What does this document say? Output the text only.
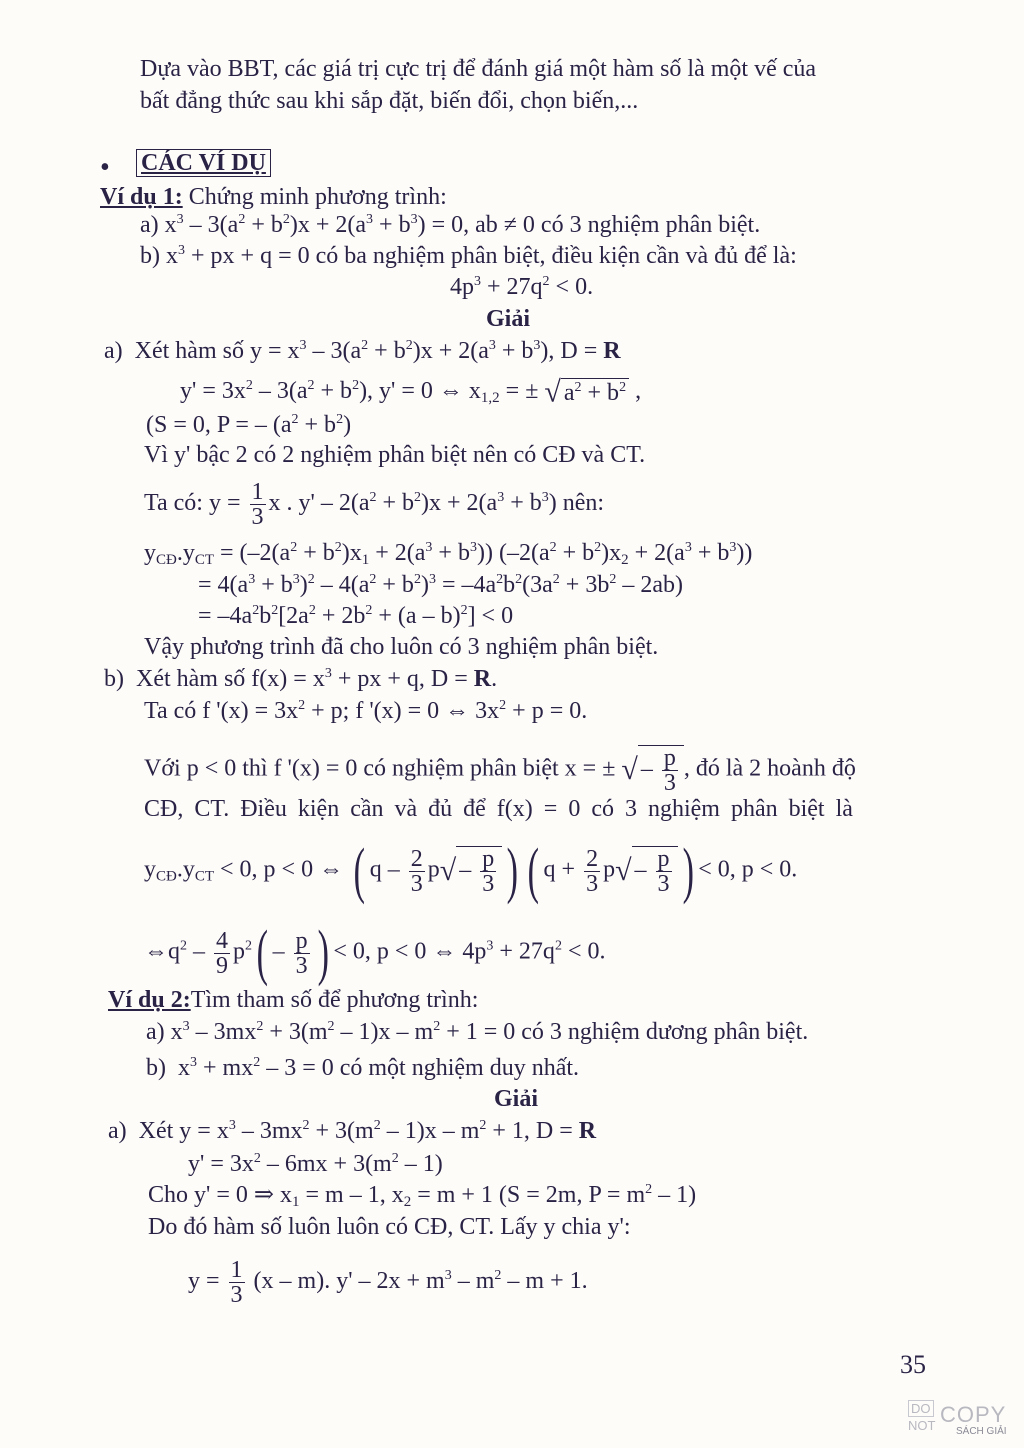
Dựa vào BBT, các giá trị cực trị để đánh giá một hàm số là một vế của
bất đẳng thức sau khi sắp đặt, biến đổi, chọn biến,...
• CÁC VÍ DỤ
Ví dụ 1: Chứng minh phương trình:
a) $x^3 - 3(a^2 + b^2)x + 2(a^3 + b^3) = 0$, ab ≠ 0 có 3 nghiệm phân biệt.
b) $x^3$ + px + q = 0 có ba nghiệm phân biệt, điều kiện cần và đủ để là:
$4p^3 + 27q^2 < 0$.
Giải
a)  Xét hàm số $y = x^3 - 3(a^2 + b^2)x + 2(a^3 + b^3)$, D = R
$y' = 3x^2 - 3(a^2 + b^2)$, y' = 0 ⇔ $x_{1,2}$ = ± √ $a^2 + b^2$ ,
(S = 0, P = – $(a^2 + b^2)$
Vì y' bậc 2 có 2 nghiệm phân biệt nên có CĐ và CT.
Ta có: $y = \frac{1}{3}$ x . $y' - 2(a^2 + b^2)x + 2(a^3 + b^3)$ nên:
$y_{CĐ}.y_{CT} = (-2(a^2 + b^2)x_1 + 2(a^3 + b^3)) (-2(a^2 + b^2)x_2 + 2(a^3 + b^3))$
= $4(a^3 + b^3)^2 - 4(a^2 + b^2)^3 = -4a^2b^2(3a^2 + 3b^2 - 2ab)$
= $-4a^2b^2[2a^2 + 2b^2 + (a - b)^2] < 0$
Vậy phương trình đã cho luôn có 3 nghiệm phân biệt.
b)  Xét hàm số $f(x) = x^3$ + px + q, D = R.
Ta có f '$(x) = 3x^2 + p$; f '(x) = 0 ⇔ $3x^2 + p = 0$.
Với p < 0 thì f '(x) = 0 có nghiệm phân biệt x = ± √ – $\frac{p}{3}$ , đó là 2 hoành độ
CĐ, CT. Điều kiện cần và đủ để f(x) = 0 có 3 nghiệm phân biệt là
$y_{CĐ}.y_{CT} < 0$, p < 0 ⇔ ( q – $\frac{2}{3} p√ - \frac{p}{3}$ ) ( $q + \frac{2}{3} p√ - \frac{p}{3}$ ) < 0, p < 0.
$\Leftrightarrow q^2 - \frac{4}{9} p^2( - \frac{p}{3}$ ) < 0, p < 0 ⇔ $4p^3 + 27q^2 < 0$.
Ví dụ 2:Tìm tham số để phương trình:
a) $x^3 - 3mx^2 + 3(m^2 - 1)x - m^2 + 1 = 0$ có 3 nghiệm dương phân biệt.
b)  $x^3 + mx^2 - 3 = 0$ có một nghiệm duy nhất.
Giải
a)  Xét $y = x^3 - 3mx^2 + 3(m^2 - 1)x - m^2 + 1$, D = R
$y' = 3x^2 - 6mx + 3(m^2 - 1)$
Cho y' = 0 ⇒ $x_1 = m - 1$, $x_2 = m + 1$ (S = 2m, $P = m^2 - 1$)
Do đó hàm số luôn luôn có CĐ, CT. Lấy y chia y':
$y = \frac{1}{3} (x - m)$. $y' - 2x + m^3 - m^2 - m + 1$.
35
DO
NOT COPY
SÁCH GIẢI
